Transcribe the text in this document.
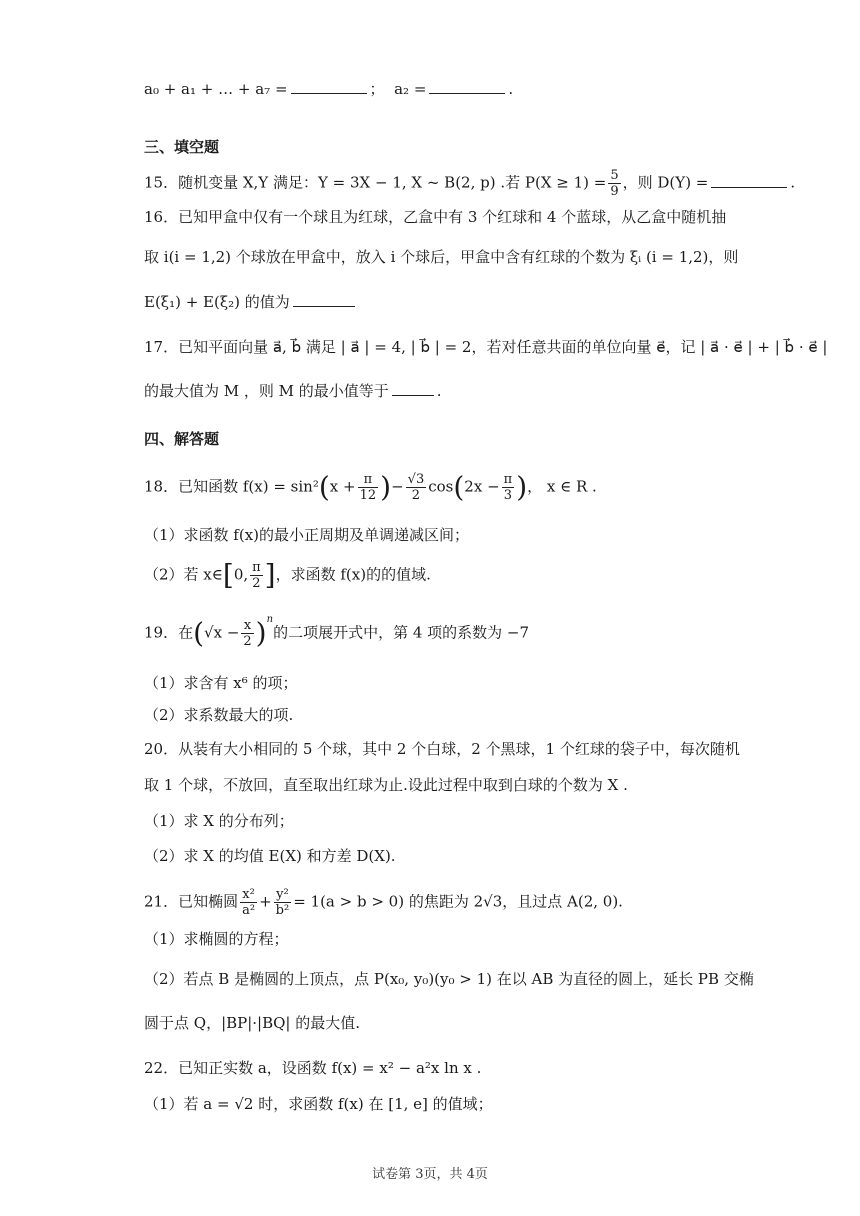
a₀ + a₁ + … + a₇ =	； a₂ =	.
三、填空题
15．随机变量 X,Y 满足：Y = 3X − 1, X ~ B(2, p) .若 $P(X \ge 1) = \frac{5}{9}$ ，则 D(Y) =	.
16．已知甲盒中仅有一个球且为红球，乙盒中有 3 个红球和 4 个蓝球，从乙盒中随机抽
取 i(i = 1,2) 个球放在甲盒中，放入 i 个球后，甲盒中含有红球的个数为 ξᵢ (i = 1,2)，则
E(ξ₁) + E(ξ₂) 的值为
17．已知平面向量 a⃗, b⃗ 满足 | a⃗ | = 4, | b⃗ | = 2，若对任意共面的单位向量 e⃗，记 | a⃗ · e⃗ | + | b⃗ · e⃗ |
的最大值为 M ，则 M 的最小值等于	.
四、解答题
18．已知函数 $f(x) = \sin^2(x + \frac{\pi}{12}$ )− $\frac{√3}{2} \cos(2x - \frac{\pi}{3}$ )， x ∈ R .
（1）求函数 f(x)的最小正周期及单调递减区间；
（2）若 x∈[0, $\frac{\pi}{2}$ ]，求函数 f(x)的的值域.
19．在$(√x - \frac{x}{2} )^n$的二项展开式中，第 4 项的系数为 −7
（1）求含有 x⁶ 的项；
（2）求系数最大的项.
20．从装有大小相同的 5 个球，其中 2 个白球，2 个黑球，1 个红球的袋子中，每次随机
取 1 个球，不放回，直至取出红球为止.设此过程中取到白球的个数为 X .
（1）求 X 的分布列；
（2）求 X 的均值 E(X) 和方差 D(X).
21．已知椭圆 $\frac{\text{x²}}{\text{a²}} + \frac{\text{y²}}{\text{b²}} = 1(a > b > 0)$ 的焦距为 2√3，且过点 A(2, 0).
（1）求椭圆的方程；
（2）若点 B 是椭圆的上顶点，点 P(x₀, y₀)(y₀ > 1) 在以 AB 为直径的圆上，延长 PB 交椭
圆于点 Q，|BP|·|BQ| 的最大值.
22．已知正实数 a，设函数 f(x) = x² − a²x ln x .
（1）若 a = √2 时，求函数 f(x) 在 [1, e] 的值域；
试卷第 3页，共 4页
